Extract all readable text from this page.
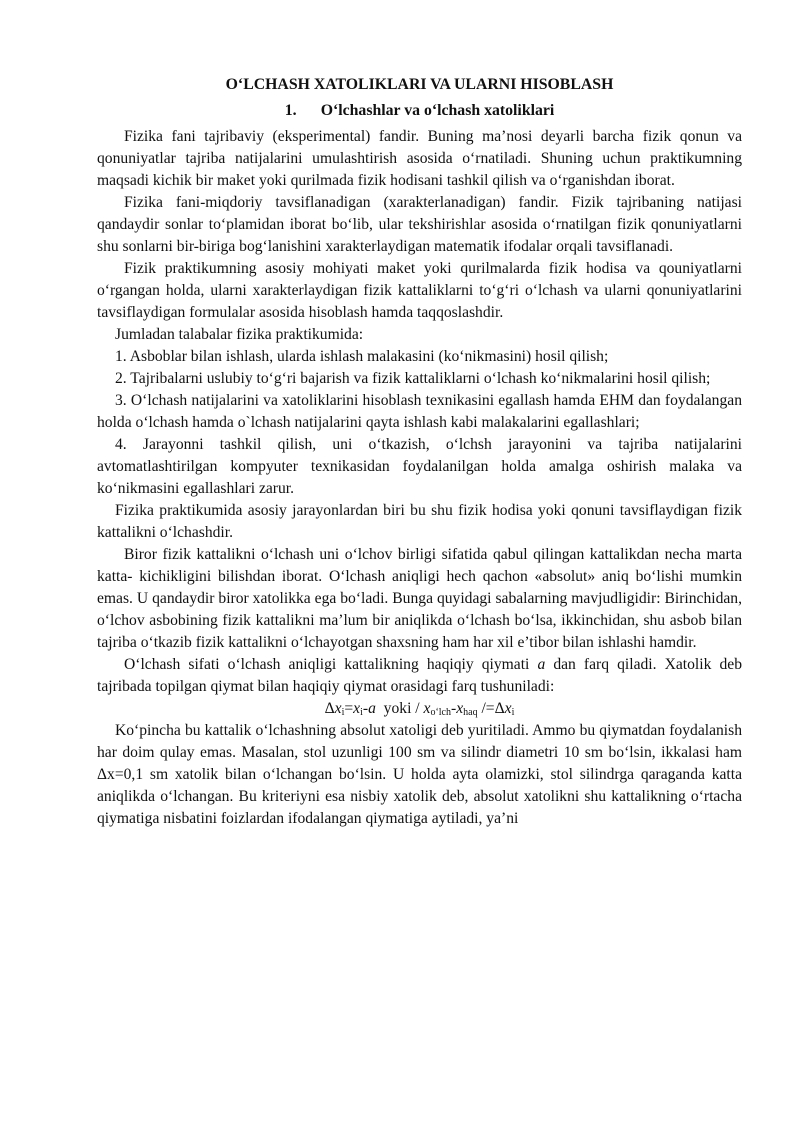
O‘LCHASH XATOLIKLARI VA ULARNI HISOBLASH

1. O‘lchashlar va o‘lchash xatoliklari

Fizika fani tajribaviy (eksperimental) fandir. Buning ma’nosi deyarli barcha fizik qonun va qonuniyatlar tajriba natijalarini umulashtirish asosida o‘rnatiladi. Shuning uchun praktikumning maqsadi kichik bir maket yoki qurilmada fizik hodisani tashkil qilish va o‘rganishdan iborat.

Fizika fani-miqdoriy tavsiflanadigan (xarakterlanadigan) fandir. Fizik tajribaning natijasi qandaydir sonlar to‘plamidan iborat bo‘lib, ular tekshirishlar asosida o‘rnatilgan fizik qonuniyatlarni shu sonlarni bir-biriga bog‘lanishini xarakterlaydigan matematik ifodalar orqali tavsiflanadi.

Fizik praktikumning asosiy mohiyati maket yoki qurilmalarda fizik hodisa va qouniyatlarni o‘rgangan holda, ularni xarakterlaydigan fizik kattaliklarni to‘g‘ri o‘lchash va ularni qonuniyatlarini tavsiflaydigan formulalar asosida hisoblash hamda taqqoslashdir.

Jumladan talabalar fizika praktikumida:

1. Asboblar bilan ishlash, ularda ishlash malakasini (ko‘nikmasini) hosil qilish;

2. Tajribalarni uslubiy to‘g‘ri bajarish va fizik kattaliklarni o‘lchash ko‘nikmalarini hosil qilish;

3. O‘lchash natijalarini va xatoliklarini hisoblash texnikasini egallash hamda EHM dan foydalangan holda o‘lchash hamda o`lchash natijalarini qayta ishlash kabi malakalarini egallashlari;

4. Jarayonni tashkil qilish, uni o‘tkazish, o‘lchsh jarayonini va tajriba natijalarini avtomatlashtirilgan kompyuter texnikasidan foydalanilgan holda amalga oshirish malaka va ko‘nikmasini egallashlari zarur.

Fizika praktikumida asosiy jarayonlardan biri bu shu fizik hodisa yoki qonuni tavsiflaydigan fizik kattalikni o‘lchashdir.

Biror fizik kattalikni o‘lchash uni o‘lchov birligi sifatida qabul qilingan kattalikdan necha marta katta- kichikligini bilishdan iborat. O‘lchash aniqligi hech qachon «absolut» aniq bo‘lishi mumkin emas. U qandaydir biror xatolikka ega bo‘ladi. Bunga quyidagi sabalarning mavjudligidir: Birinchidan, o‘lchov asbobining fizik kattalikni ma’lum bir aniqlikda o‘lchash bo‘lsa, ikkinchidan, shu asbob bilan tajriba o‘tkazib fizik kattalikni o‘lchayotgan shaxsning ham har xil e’tibor bilan ishlashi hamdir.

O‘lchash sifati o‘lchash aniqligi kattalikning haqiqiy qiymati a dan farq qiladi. Xatolik deb tajribada topilgan qiymat bilan haqiqiy qiymat orasidagi farq tushuniladi:

$\Delta x_i=x_i-a$  yoki / $x_{o‘lch}-x_{haq}$ $/=\Delta x_i$

Ko‘pincha bu kattalik o‘lchashning absolut xatoligi deb yuritiladi. Ammo bu qiymatdan foydalanish har doim qulay emas. Masalan, stol uzunligi 100 sm va silindr diametri 10 sm bo‘lsin, ikkalasi ham Δx=0,1 sm xatolik bilan o‘lchangan bo‘lsin. U holda ayta olamizki, stol silindrga qaraganda katta aniqlikda o‘lchangan. Bu kriteriyni esa nisbiy xatolik deb, absolut xatolikni shu kattalikning o‘rtacha qiymatiga nisbatini foizlardan ifodalangan qiymatiga aytiladi, ya’ni
